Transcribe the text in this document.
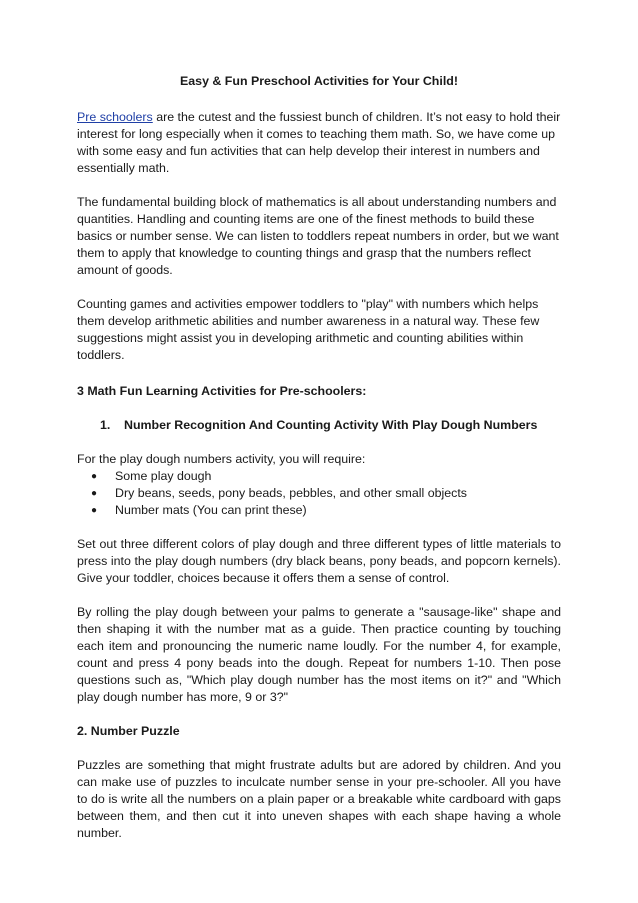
Easy & Fun Preschool Activities for Your Child!

Pre schoolers are the cutest and the fussiest bunch of children. It’s not easy to hold their interest for long especially when it comes to teaching them math. So, we have come up with some easy and fun activities that can help develop their interest in numbers and essentially math.

The fundamental building block of mathematics is all about understanding numbers and quantities. Handling and counting items are one of the finest methods to build these basics or number sense. We can listen to toddlers repeat numbers in order, but we want them to apply that knowledge to counting things and grasp that the numbers reflect amount of goods.

Counting games and activities empower toddlers to "play" with numbers which helps them develop arithmetic abilities and number awareness in a natural way. These few suggestions might assist you in developing arithmetic and counting abilities within toddlers.

3 Math Fun Learning Activities for Pre-schoolers:
1.	Number Recognition And Counting Activity With Play Dough Numbers
For the play dough numbers activity, you will require:
●	Some play dough
●	Dry beans, seeds, pony beads, pebbles, and other small objects
●	Number mats (You can print these)

Set out three different colors of play dough and three different types of little materials to press into the play dough numbers (dry black beans, pony beads, and popcorn kernels). Give your toddler, choices because it offers them a sense of control.

By rolling the play dough between your palms to generate a "sausage-like" shape and then shaping it with the number mat as a guide. Then practice counting by touching each item and pronouncing the numeric name loudly. For the number 4, for example, count and press 4 pony beads into the dough. Repeat for numbers 1-10. Then pose questions such as, "Which play dough number has the most items on it?" and "Which play dough number has more, 9 or 3?"

2. Number Puzzle

Puzzles are something that might frustrate adults but are adored by children. And you can make use of puzzles to inculcate number sense in your pre-schooler. All you have to do is write all the numbers on a plain paper or a breakable white cardboard with gaps between them, and then cut it into uneven shapes with each shape having a whole number.
